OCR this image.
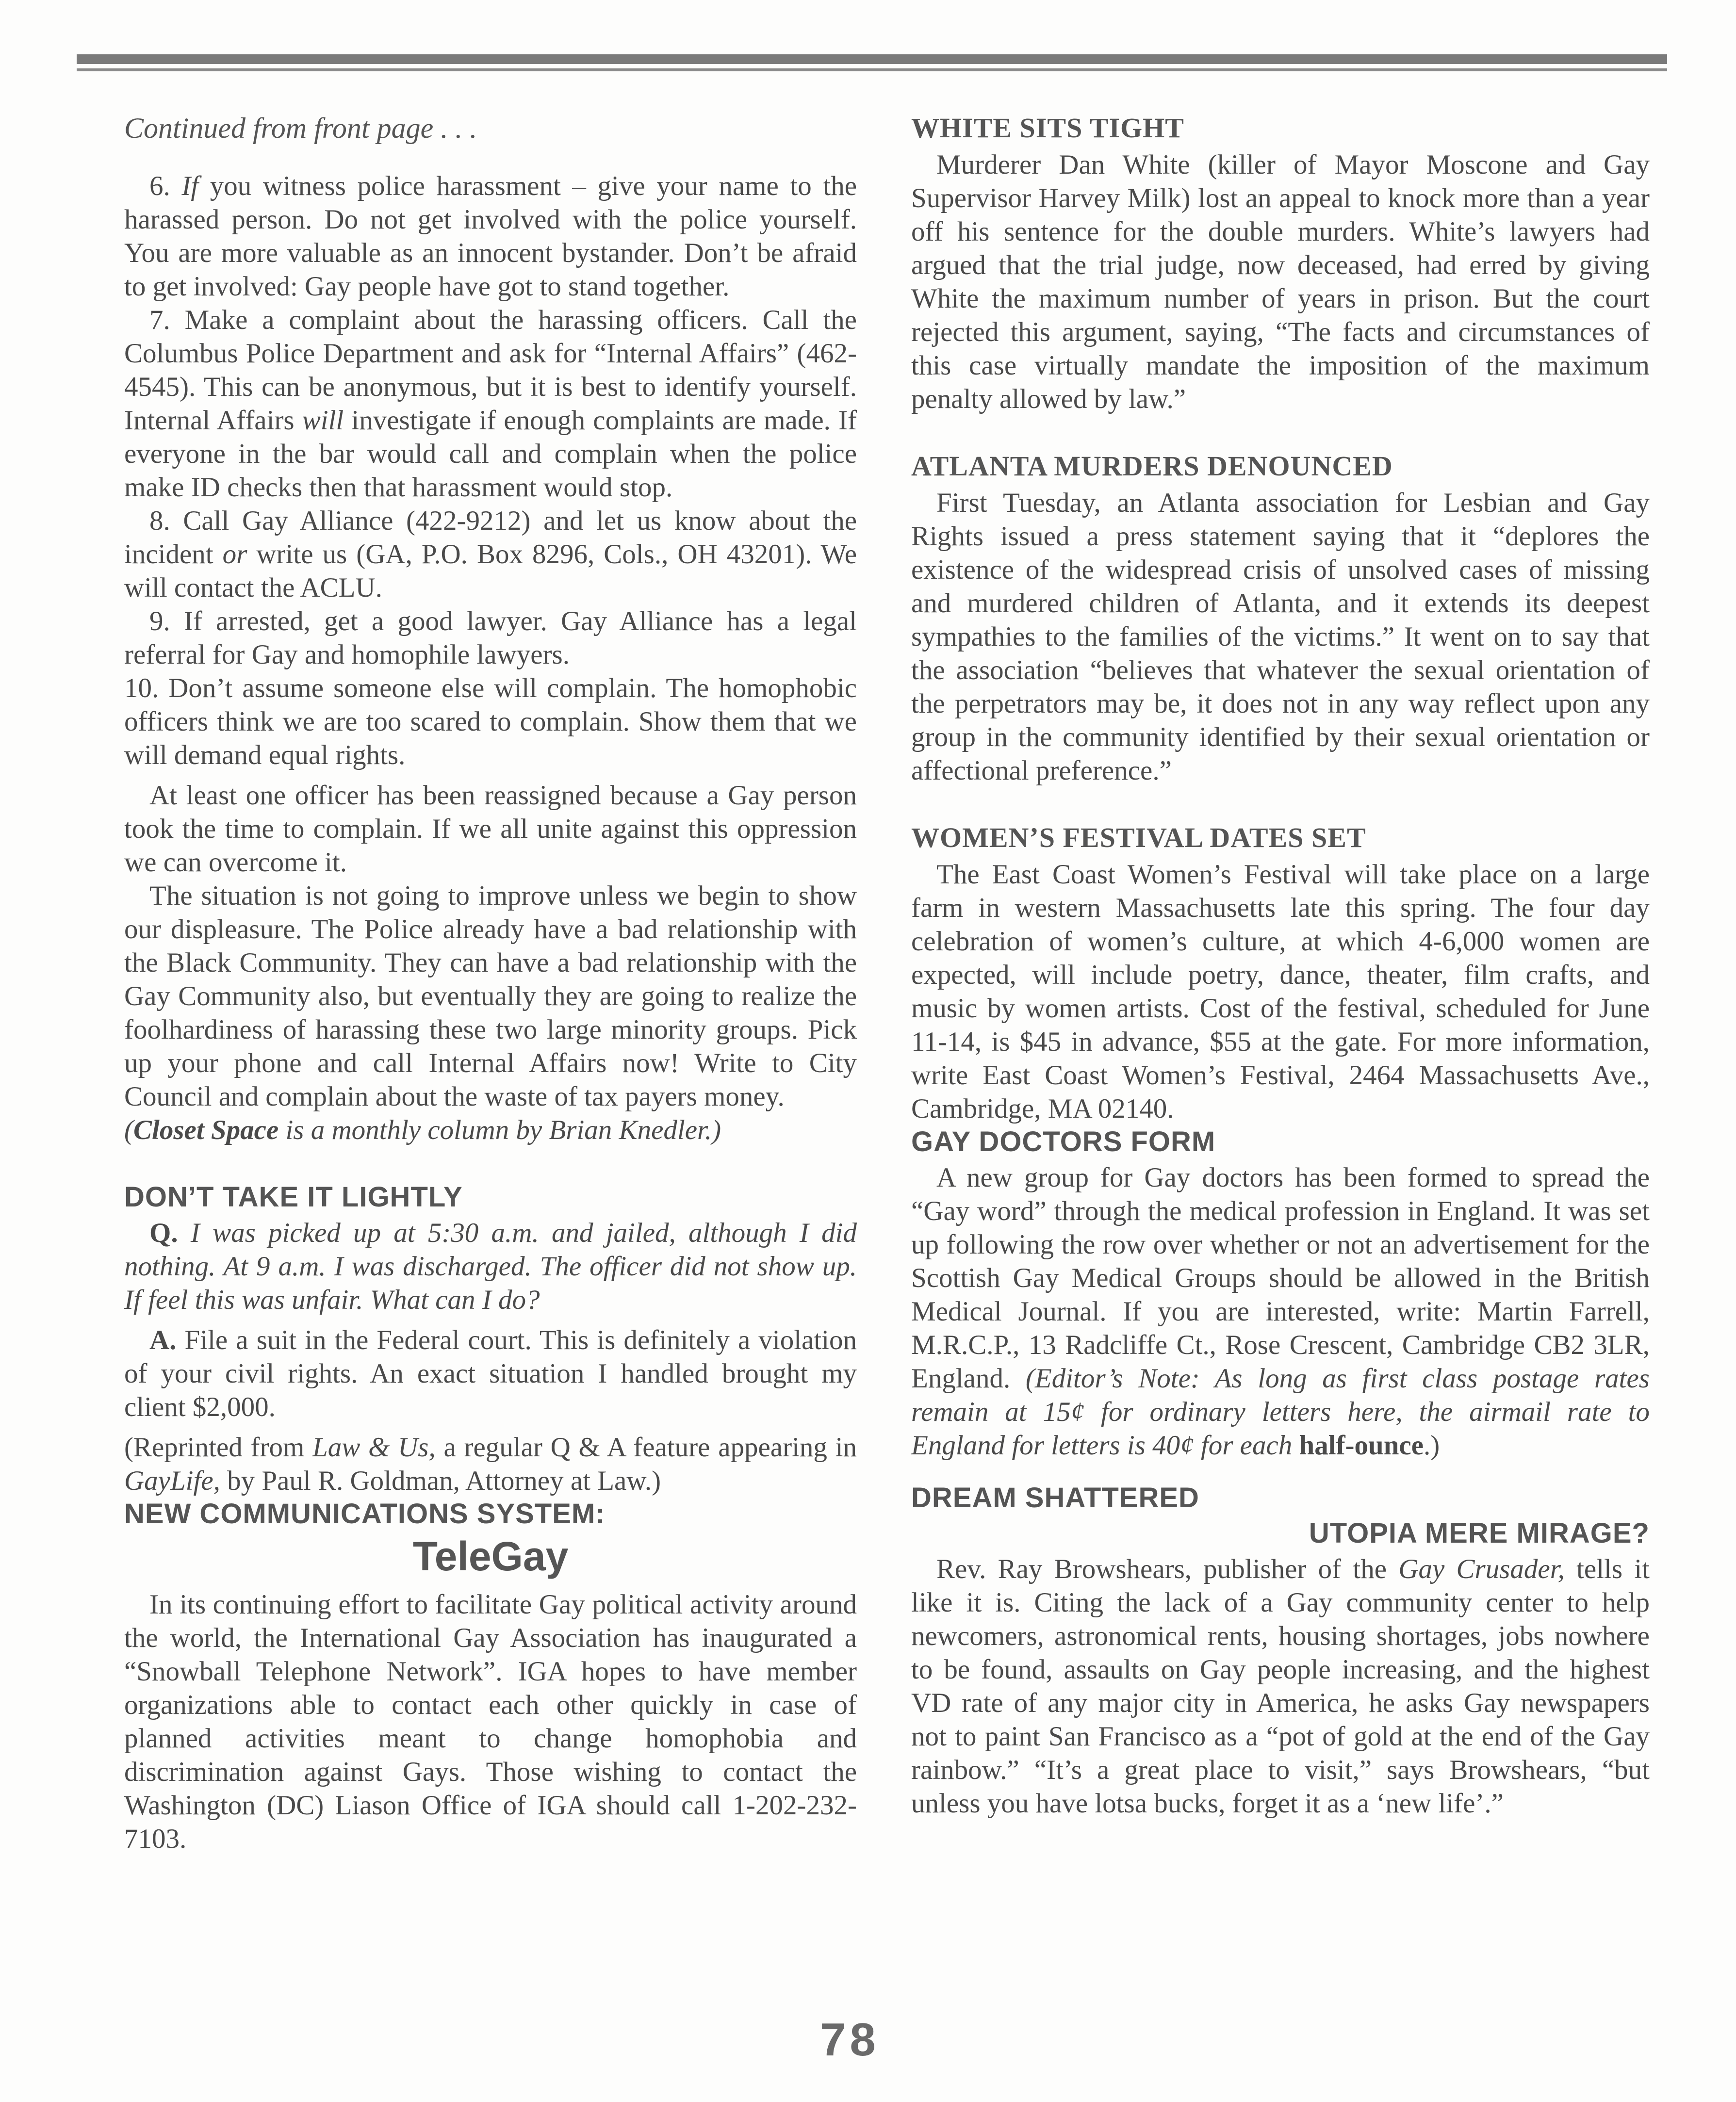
Continued from front page . . .

6. If you witness police harassment – give your name to the harassed person. Do not get involved with the police yourself. You are more valuable as an innocent bystander. Don’t be afraid to get involved: Gay people have got to stand together.

7. Make a complaint about the harassing officers. Call the Columbus Police Department and ask for “Internal Affairs” (462-4545). This can be anonymous, but it is best to identify yourself. Internal Affairs will investigate if enough complaints are made. If everyone in the bar would call and complain when the police make ID checks then that harassment would stop.

8. Call Gay Alliance (422-9212) and let us know about the incident or write us (GA, P.O. Box 8296, Cols., OH 43201). We will contact the ACLU.

9. If arrested, get a good lawyer. Gay Alliance has a legal referral for Gay and homophile lawyers.

10. Don’t assume someone else will complain. The homophobic officers think we are too scared to complain. Show them that we will demand equal rights.

At least one officer has been reassigned because a Gay person took the time to complain. If we all unite against this oppression we can overcome it.

The situation is not going to improve unless we begin to show our displeasure. The Police already have a bad relationship with the Black Community. They can have a bad relationship with the Gay Community also, but eventually they are going to realize the foolhardiness of harassing these two large minority groups. Pick up your phone and call Internal Affairs now! Write to City Council and complain about the waste of tax payers money.

(Closet Space is a monthly column by Brian Knedler.)

DON’T TAKE IT LIGHTLY

Q. I was picked up at 5:30 a.m. and jailed, although I did nothing. At 9 a.m. I was discharged. The officer did not show up. If feel this was unfair. What can I do?

A. File a suit in the Federal court. This is definitely a violation of your civil rights. An exact situation I handled brought my client $2,000.

(Reprinted from Law & Us, a regular Q & A feature appearing in GayLife, by Paul R. Goldman, Attorney at Law.)

NEW COMMUNICATIONS SYSTEM:
TeleGay

In its continuing effort to facilitate Gay political activity around the world, the International Gay Association has inaugurated a “Snowball Telephone Network”. IGA hopes to have member organizations able to contact each other quickly in case of planned activities meant to change homophobia and discrimination against Gays. Those wishing to contact the Washington (DC) Liason Office of IGA should call 1-202-232-7103.

WHITE SITS TIGHT

Murderer Dan White (killer of Mayor Moscone and Gay Supervisor Harvey Milk) lost an appeal to knock more than a year off his sentence for the double murders. White’s lawyers had argued that the trial judge, now deceased, had erred by giving White the maximum number of years in prison. But the court rejected this argument, saying, “The facts and circumstances of this case virtually mandate the imposition of the maximum penalty allowed by law.”

ATLANTA MURDERS DENOUNCED

First Tuesday, an Atlanta association for Lesbian and Gay Rights issued a press statement saying that it “deplores the existence of the widespread crisis of unsolved cases of missing and murdered children of Atlanta, and it extends its deepest sympathies to the families of the victims.” It went on to say that the association “believes that whatever the sexual orientation of the perpetrators may be, it does not in any way reflect upon any group in the community identified by their sexual orientation or affectional preference.”

WOMEN’S FESTIVAL DATES SET

The East Coast Women’s Festival will take place on a large farm in western Massachusetts late this spring. The four day celebration of women’s culture, at which 4-6,000 women are expected, will include poetry, dance, theater, film crafts, and music by women artists. Cost of the festival, scheduled for June 11-14, is $45 in advance, $55 at the gate. For more information, write East Coast Women’s Festival, 2464 Massachusetts Ave., Cambridge, MA 02140.

GAY DOCTORS FORM

A new group for Gay doctors has been formed to spread the “Gay word” through the medical profession in England. It was set up following the row over whether or not an advertisement for the Scottish Gay Medical Groups should be allowed in the British Medical Journal. If you are interested, write: Martin Farrell, M.R.C.P., 13 Radcliffe Ct., Rose Crescent, Cambridge CB2 3LR, England. (Editor’s Note: As long as first class postage rates remain at 15¢ for ordinary letters here, the airmail rate to England for letters is 40¢ for each half-ounce.)

DREAM SHATTERED
UTOPIA MERE MIRAGE?

Rev. Ray Browshears, publisher of the Gay Crusader, tells it like it is. Citing the lack of a Gay community center to help newcomers, astronomical rents, housing shortages, jobs nowhere to be found, assaults on Gay people increasing, and the highest VD rate of any major city in America, he asks Gay newspapers not to paint San Francisco as a “pot of gold at the end of the Gay rainbow.” “It’s a great place to visit,” says Browshears, “but unless you have lotsa bucks, forget it as a ‘new life’.”

78
